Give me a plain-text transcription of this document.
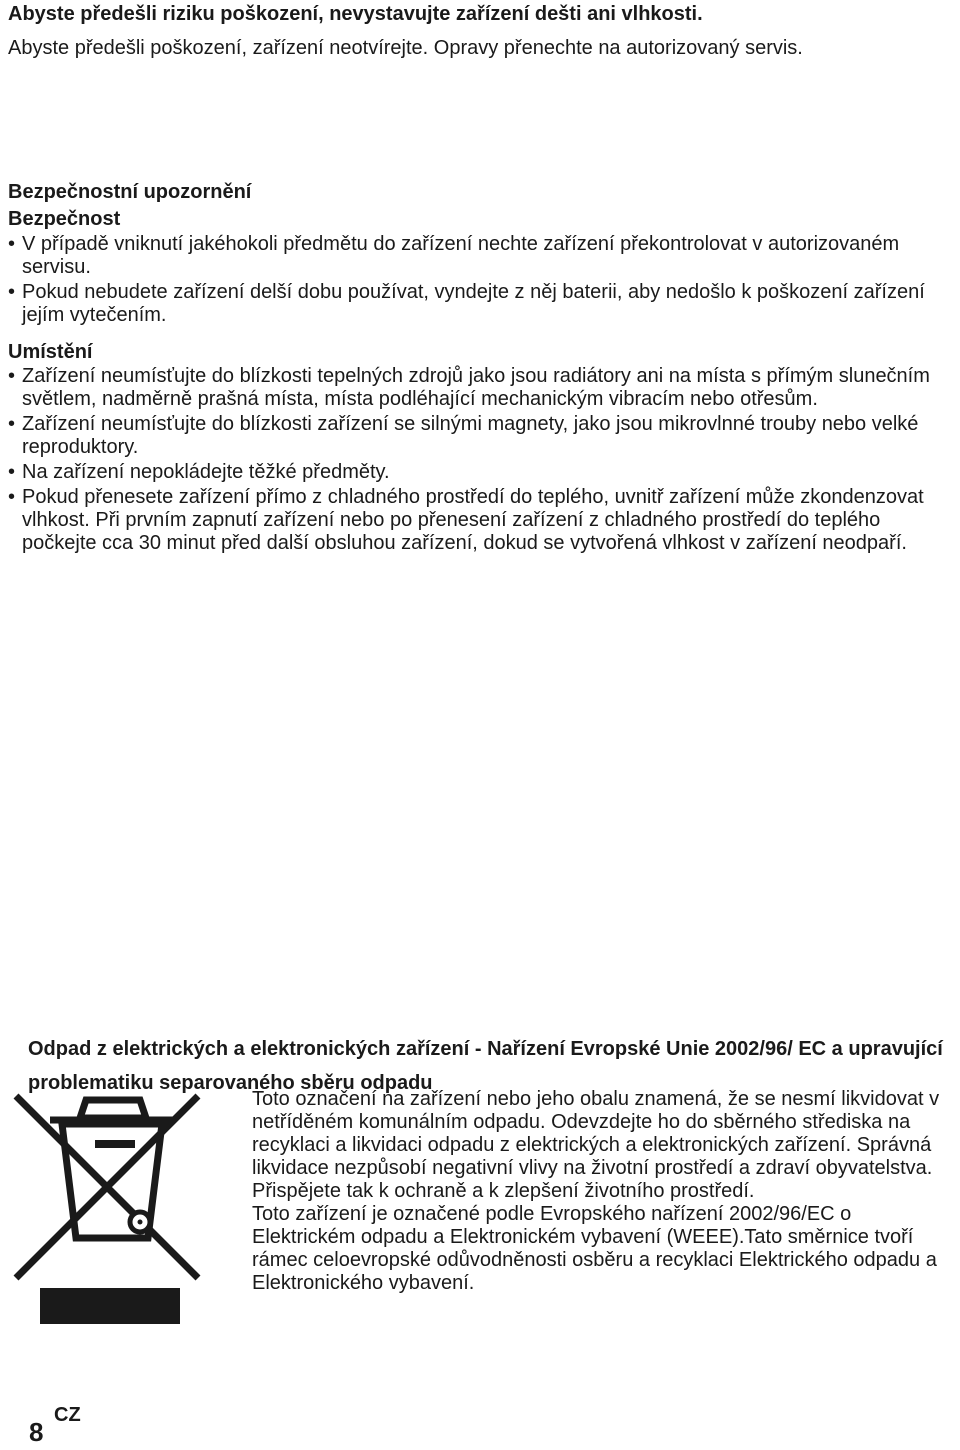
Abyste předešli riziku poškození, nevystavujte zařízení dešti ani vlhkosti.
Abyste předešli poškození, zařízení neotvírejte. Opravy přenechte na autorizovaný servis.
Bezpečnostní upozornění
Bezpečnost
• V případě vniknutí jakéhokoli předmětu do zařízení nechte zařízení překontrolovat v autorizovaném servisu.
• Pokud nebudete zařízení delší dobu používat, vyndejte z něj baterii, aby nedošlo k poškození zařízení jejím vytečením.
Umístění
• Zařízení neumísťujte do blízkosti tepelných zdrojů jako jsou radiátory ani na místa s přímým slunečním světlem, nadměrně prašná místa, místa podléhající mechanickým vibracím nebo otřesům.
• Zařízení neumísťujte do blízkosti zařízení se silnými magnety, jako jsou mikrovlnné trouby nebo velké reproduktory.
• Na zařízení nepokládejte těžké předměty.
• Pokud přenesete zařízení přímo z chladného prostředí do teplého, uvnitř zařízení může zkondenzovat vlhkost. Při prvním zapnutí zařízení nebo po přenesení zařízení z chladného prostředí do teplého počkejte cca 30 minut před další obsluhou zařízení, dokud se vytvořená vlhkost v zařízení neodpaří.
Odpad z elektrických a elektronických zařízení - Nařízení Evropské Unie 2002/96/ EC a upravující problematiku separovaného sběru odpadu

Toto označení na zařízení nebo jeho obalu znamená, že se nesmí likvidovat v netříděném komunálním odpadu. Odevzdejte ho do sběrného střediska na recyklaci a likvidaci odpadu z elektrických a elektronických zařízení. Správná likvidace nezpůsobí negativní vlivy na životní prostředí a zdraví obyvatelstva. Přispějete tak k ochraně a k zlepšení životního prostředí.

Toto zařízení je označené podle Evropského nařízení 2002/96/EC o Elektrickém odpadu a Elektronickém vybavení (WEEE).Tato směrnice tvoří rámec celoevropské odůvodněnosti osběru a recyklaci Elektrického odpadu a Elektronického vybavení.

8
CZ
